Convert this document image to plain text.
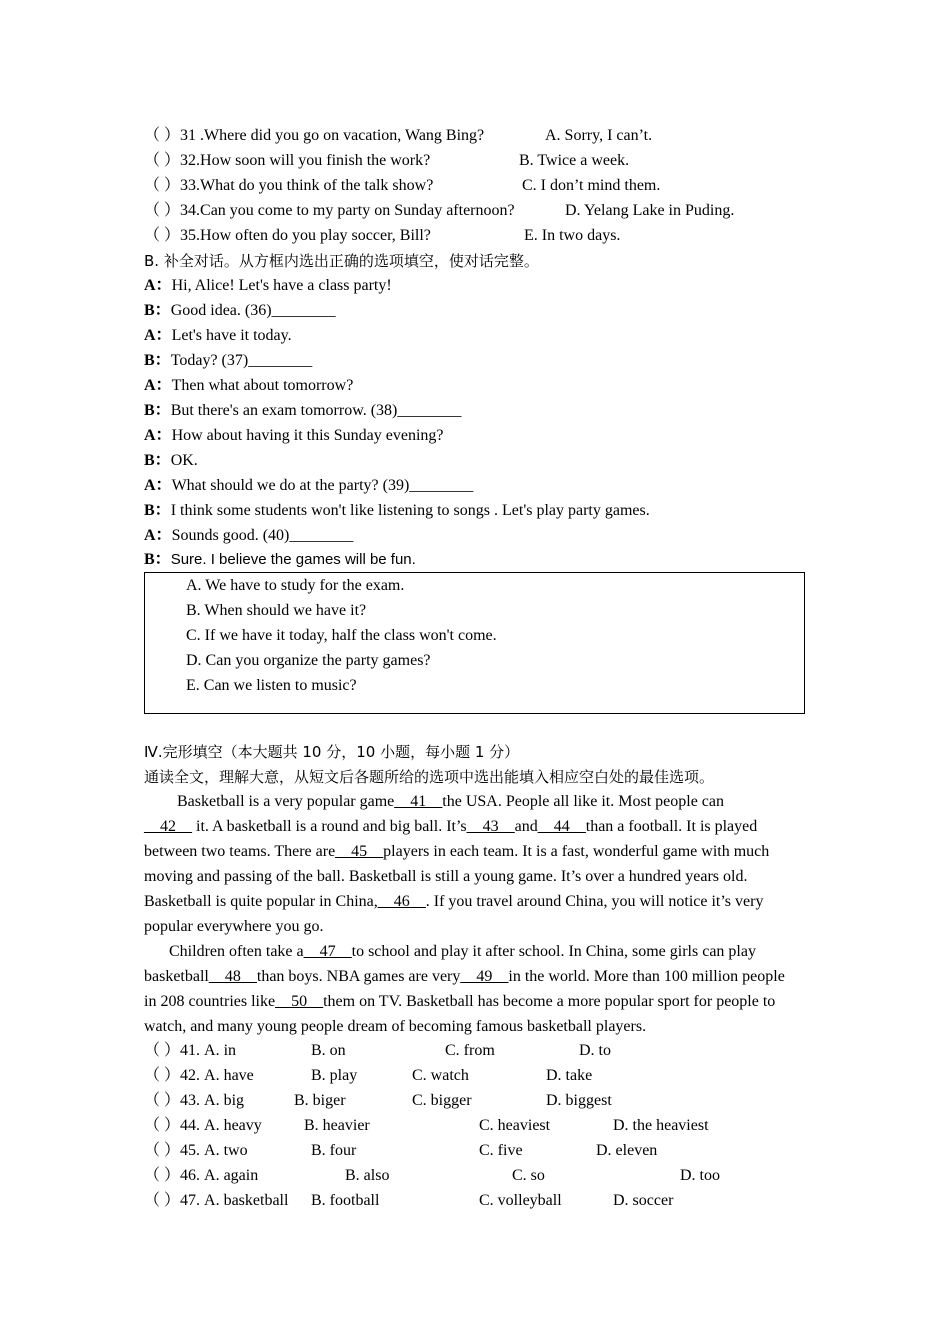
（ ）31 .Where did you go on vacation, Wang Bing?	A. Sorry, I can’t.
（ ）32.How soon will you finish the work?	B. Twice a week.
（ ）33.What do you think of the talk show?	C. I don’t mind them.
（ ）34.Can you come to my party on Sunday afternoon?	D. Yelang Lake in Puding.
（ ）35.How often do you play soccer, Bill?	E. In two days.
B. 补全对话。从方框内选出正确的选项填空，使对话完整。
A：Hi, Alice! Let's have a class party!
B：Good idea. (36)________
A：Let's have it today.
B：Today? (37)________
A：Then what about tomorrow?
B：But there's an exam tomorrow. (38)________
A：How about having it this Sunday evening?
B：OK.
A：What should we do at the party? (39)________
B：I think some students won't like listening to songs . Let's play party games.
A：Sounds good. (40)________
B：Sure. I believe the games will be fun.
A. We have to study for the exam.
B. When should we have it?
C. If we have it today, half the class won't come.
D. Can you organize the party games?
E. Can we listen to music?
Ⅳ.完形填空（本大题共 10 分，10 小题，每小题 1 分）
通读全文，理解大意，从短文后各题所给的选项中选出能填入相应空白处的最佳选项。
Basketball is a very popular game__41__the USA. People all like it. Most people can
__42__ it. A basketball is a round and big ball. It’s__43__and__44__than a football. It is played
between two teams. There are__45__players in each team. It is a fast, wonderful game with much
moving and passing of the ball. Basketball is still a young game. It’s over a hundred years old.
Basketball is quite popular in China,__46__. If you travel around China, you will notice it’s very
popular everywhere you go.
Children often take a__47__to school and play it after school. In China, some girls can play
basketball__48__than boys. NBA games are very__49__in the world. More than 100 million people
in 208 countries like__50__them on TV. Basketball has become a more popular sport for people to
watch, and many young people dream of becoming famous basketball players.
（ ）41. A. in	B. on	C. from	D. to
（ ）42. A. have	B. play	C. watch	D. take
（ ）43. A. big	B. biger	C. bigger	D. biggest
（ ）44. A. heavy	B. heavier	C. heaviest	D. the heaviest
（ ）45. A. two	B. four	C. five	D. eleven
（ ）46. A. again	B. also	C. so	D. too
（ ）47. A. basketball B. football	C. volleyball	D. soccer
